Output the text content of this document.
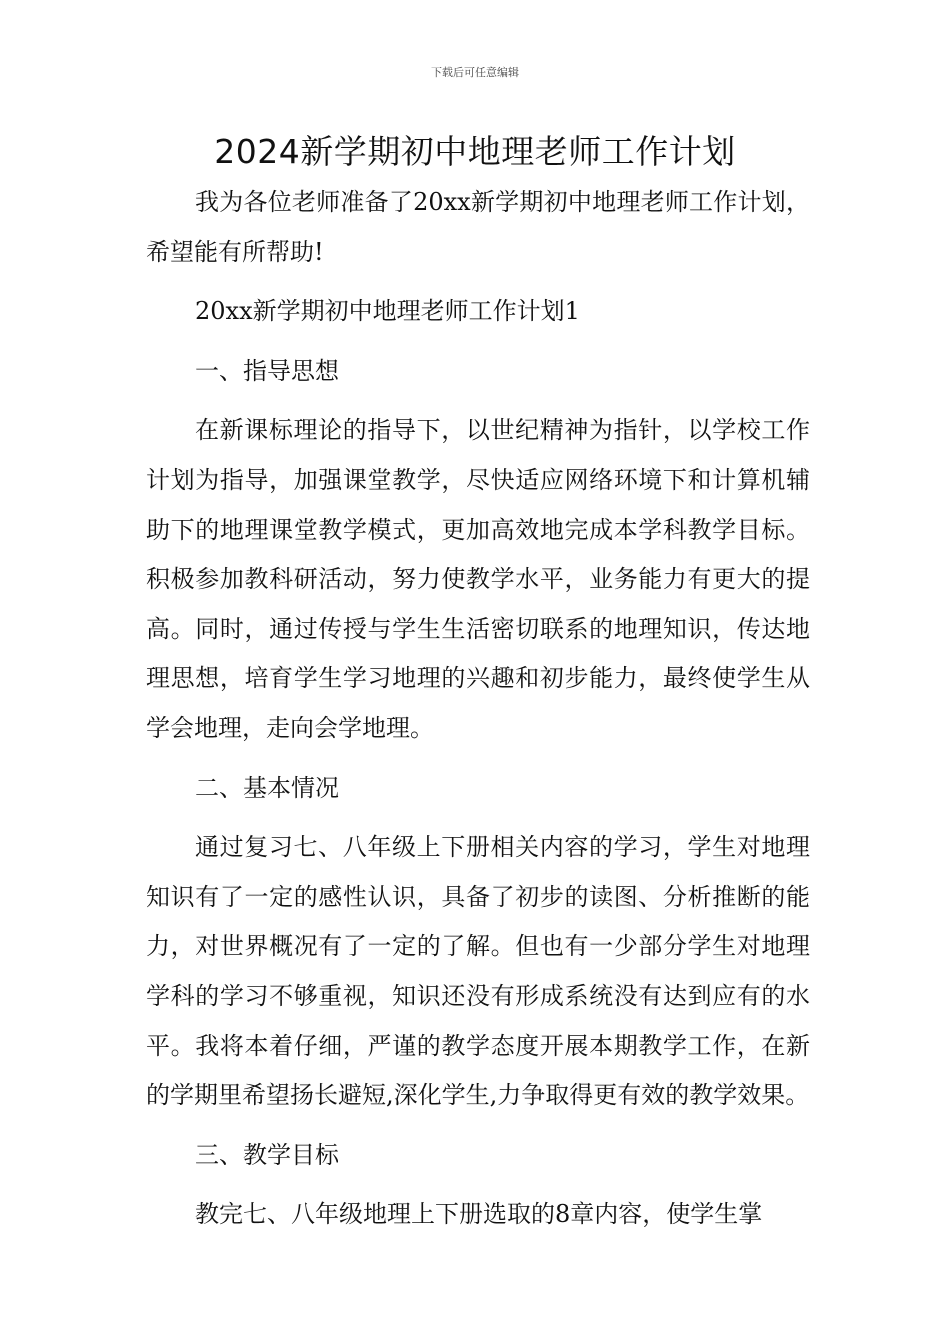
下载后可任意编辑
2024新学期初中地理老师工作计划

我为各位老师准备了20xx新学期初中地理老师工作计划，希望能有所帮助!

20xx新学期初中地理老师工作计划1

一、指导思想

在新课标理论的指导下，以世纪精神为指针，以学校工作计划为指导，加强课堂教学，尽快适应网络环境下和计算机辅助下的地理课堂教学模式，更加高效地完成本学科教学目标。积极参加教科研活动，努力使教学水平，业务能力有更大的提高。同时，通过传授与学生生活密切联系的地理知识，传达地理思想，培育学生学习地理的兴趣和初步能力，最终使学生从学会地理，走向会学地理。

二、基本情况

通过复习七、八年级上下册相关内容的学习，学生对地理知识有了一定的感性认识，具备了初步的读图、分析推断的能力，对世界概况有了一定的了解。但也有一少部分学生对地理学科的学习不够重视，知识还没有形成系统没有达到应有的水平。我将本着仔细，严谨的教学态度开展本期教学工作，在新的学期里希望扬长避短,深化学生,力争取得更有效的教学效果。

三、教学目标

教完七、八年级地理上下册选取的8章内容，使学生掌
